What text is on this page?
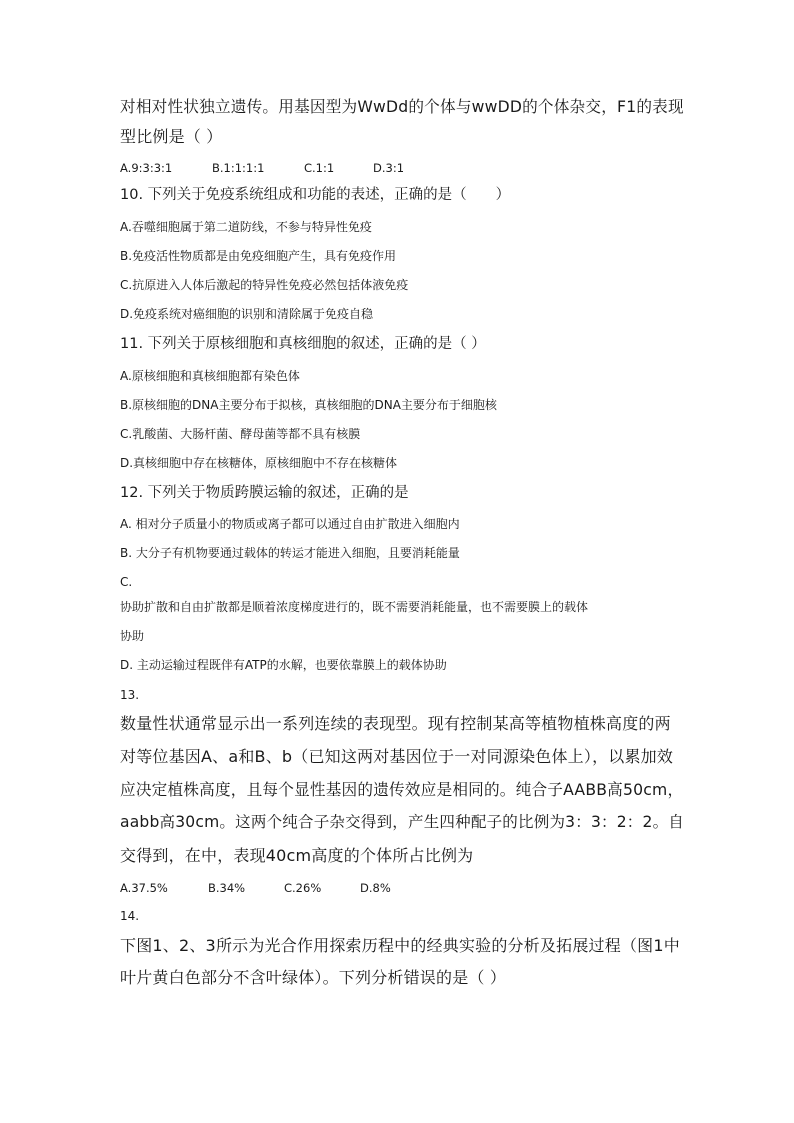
对相对性状独立遗传。用基因型为WwDd的个体与wwDD的个体杂交，F1的表现
型比例是（ ）
A.9:3:3:1	B.1:1:1:1	C.1:1	D.3:1
10. 下列关于免疫系统组成和功能的表述，正确的是（　　）
A.吞噬细胞属于第二道防线，不参与特异性免疫
B.免疫活性物质都是由免疫细胞产生，具有免疫作用
C.抗原进入人体后激起的特异性免疫必然包括体液免疫
D.免疫系统对癌细胞的识别和清除属于免疫自稳
11. 下列关于原核细胞和真核细胞的叙述，正确的是（ ）
A.原核细胞和真核细胞都有染色体
B.原核细胞的DNA主要分布于拟核，真核细胞的DNA主要分布于细胞核
C.乳酸菌、大肠杆菌、酵母菌等都不具有核膜
D.真核细胞中存在核糖体，原核细胞中不存在核糖体
12. 下列关于物质跨膜运输的叙述，正确的是
A. 相对分子质量小的物质或离子都可以通过自由扩散进入细胞内
B. 大分子有机物要通过载体的转运才能进入细胞，且要消耗能量
C.
协助扩散和自由扩散都是顺着浓度梯度进行的，既不需要消耗能量，也不需要膜上的载体
协助
D. 主动运输过程既伴有ATP的水解，也要依靠膜上的载体协助
13.
数量性状通常显示出一系列连续的表现型。现有控制某高等植物植株高度的两
对等位基因A、a和B、b（已知这两对基因位于一对同源染色体上），以累加效
应决定植株高度，且每个显性基因的遗传效应是相同的。纯合子AABB高50cm，
aabb高30cm。这两个纯合子杂交得到，产生四种配子的比例为3：3：2：2。自
交得到，在中，表现40cm高度的个体所占比例为
A.37.5%	B.34%	C.26%	D.8%
14.
下图1、2、3所示为光合作用探索历程中的经典实验的分析及拓展过程（图1中
叶片黄白色部分不含叶绿体）。下列分析错误的是（ ）
